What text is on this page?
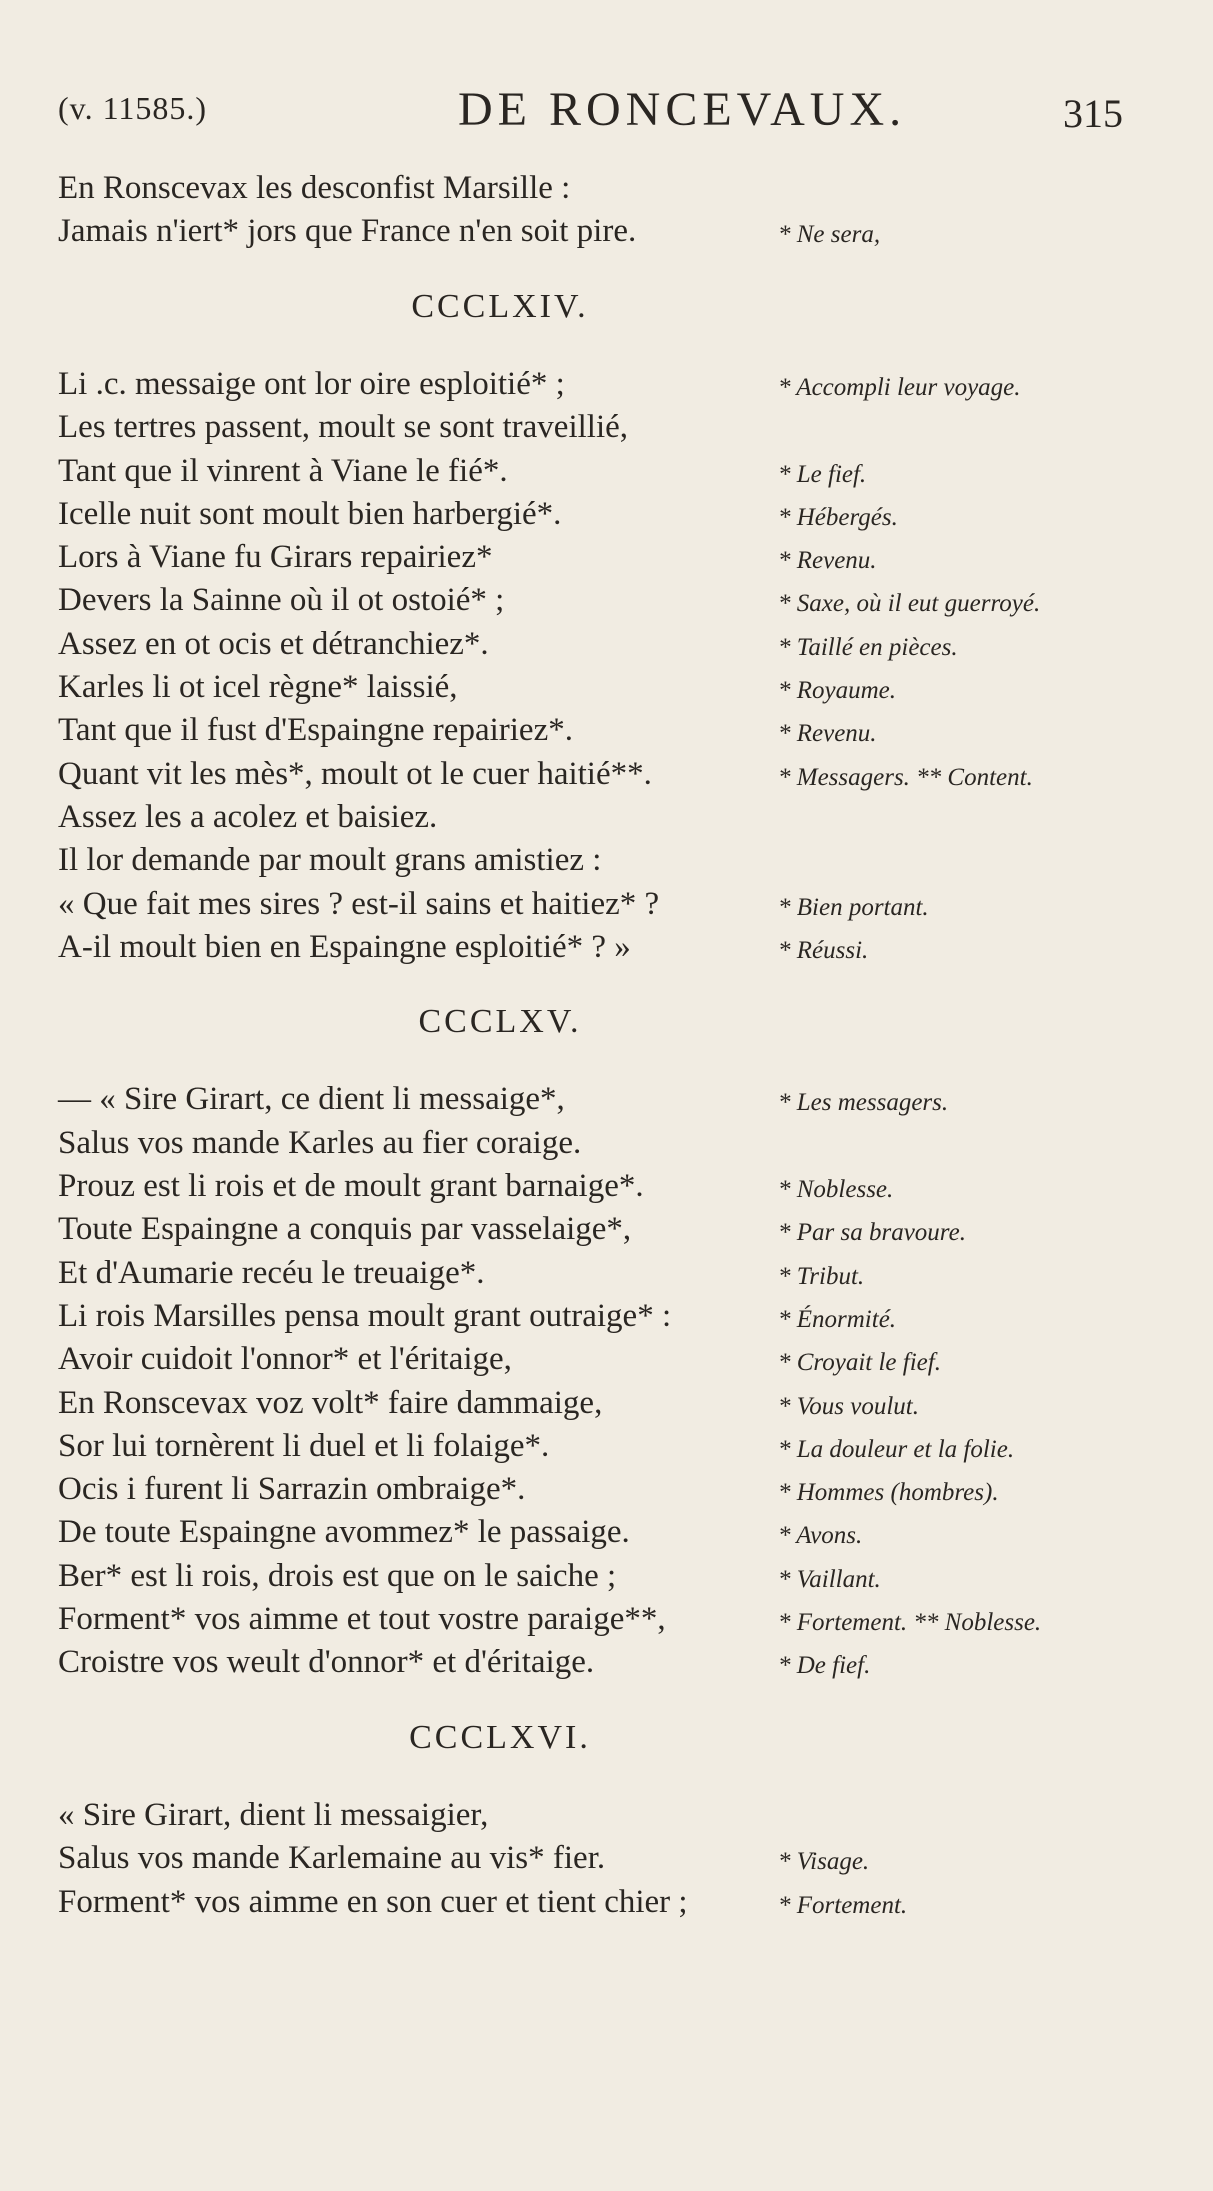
(v. 11585.)	DE RONCEVAUX.	315
En Ronscevax les desconfist Marsille :
Jamais n'iert* jors que France n'en soit pire.	* Ne sera,
CCCLXIV.
Li .c. messaige ont lor oire esploitié* ;	* Accompli leur voyage.
Les tertres passent, moult se sont traveillié,
Tant que il vinrent à Viane le fié*.	* Le fief.
Icelle nuit sont moult bien harbergié*.	* Hébergés.
Lors à Viane fu Girars repairiez*	* Revenu.
Devers la Sainne où il ot ostoié* ;	* Saxe, où il eut guerroyé.
Assez en ot ocis et détranchiez*.	* Taillé en pièces.
Karles li ot icel règne* laissié,	* Royaume.
Tant que il fust d'Espaingne repairiez*.	* Revenu.
Quant vit les mès*, moult ot le cuer haitié**.	* Messagers. ** Content.
Assez les a acolez et baisiez.
Il lor demande par moult grans amistiez :
« Que fait mes sires ? est-il sains et haitiez* ?	* Bien portant.
A-il moult bien en Espaingne esploitié* ? »	* Réussi.
CCCLXV.
— « Sire Girart, ce dient li messaige*,	* Les messagers.
Salus vos mande Karles au fier coraige.
Prouz est li rois et de moult grant barnaige*.	* Noblesse.
Toute Espaingne a conquis par vasselaige*,	* Par sa bravoure.
Et d'Aumarie recéu le treuaige*.	* Tribut.
Li rois Marsilles pensa moult grant outraige* :	* Énormité.
Avoir cuidoit l'onnor* et l'éritaige,	* Croyait le fief.
En Ronscevax voz volt* faire dammaige,	* Vous voulut.
Sor lui tornèrent li duel et li folaige*.	* La douleur et la folie.
Ocis i furent li Sarrazin ombraige*.	* Hommes (hombres).
De toute Espaingne avommez* le passaige.	* Avons.
Ber* est li rois, drois est que on le saiche ;	* Vaillant.
Forment* vos aimme et tout vostre paraige**,	* Fortement. ** Noblesse.
Croistre vos weult d'onnor* et d'éritaige.	* De fief.
CCCLXVI.
« Sire Girart, dient li messaigier,
Salus vos mande Karlemaine au vis* fier.	* Visage.
Forment* vos aimme en son cuer et tient chier ;	* Fortement.
